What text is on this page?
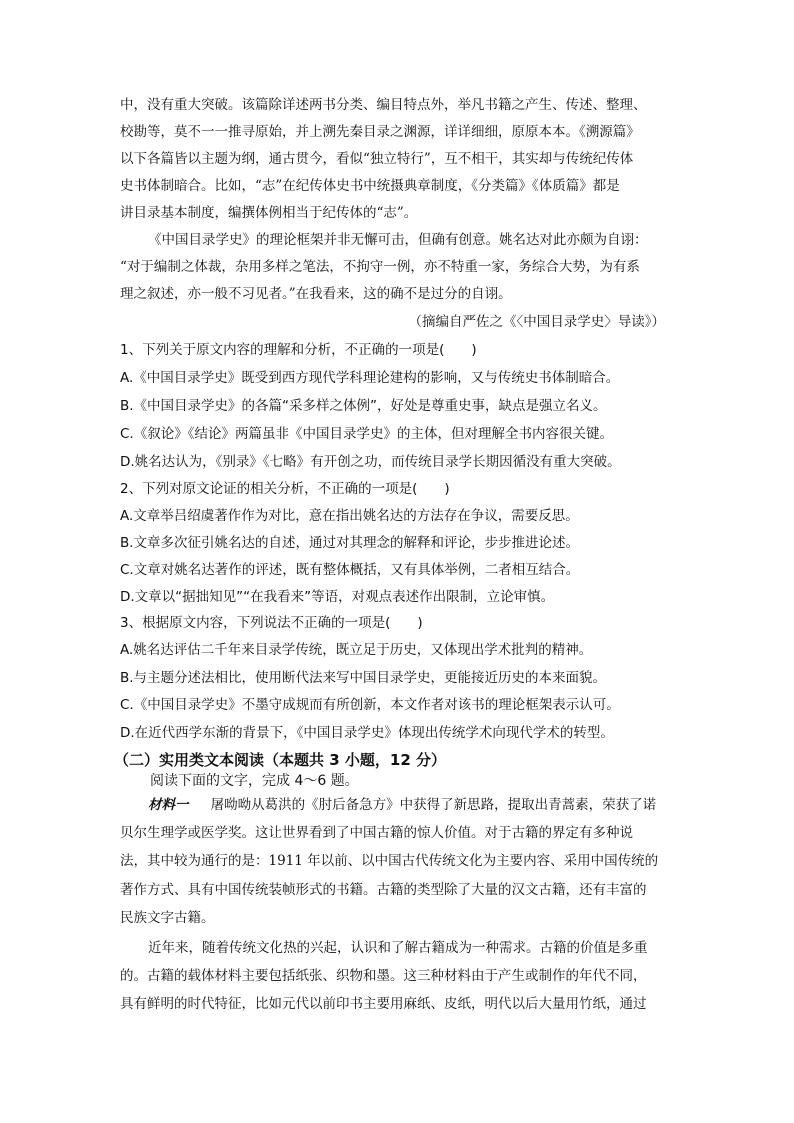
中，没有重大突破。该篇除详述两书分类、编目特点外，举凡书籍之产生、传述、整理、
校勘等，莫不一一推寻原始，并上溯先秦目录之渊源，详详细细，原原本本。《溯源篇》
以下各篇皆以主题为纲，通古贯今，看似“独立特行”，互不相干，其实却与传统纪传体
史书体制暗合。比如，“志”在纪传体史书中统摄典章制度，《分类篇》《体质篇》都是
讲目录基本制度，编撰体例相当于纪传体的“志”。
《中国目录学史》的理论框架并非无懈可击，但确有创意。姚名达对此亦颇为自诩：
“对于编制之体裁，杂用多样之笔法，不拘守一例，亦不特重一家，务综合大势，为有系
理之叙述，亦一般不习见者。”在我看来，这的确不是过分的自诩。
（摘编自严佐之《〈中国目录学史〉导读》）
1、下列关于原文内容的理解和分析，不正确的一项是(　　)
A.《中国目录学史》既受到西方现代学科理论建构的影响，又与传统史书体制暗合。
B.《中国目录学史》的各篇“采多样之体例”，好处是尊重史事，缺点是强立名义。
C.《叙论》《结论》两篇虽非《中国目录学史》的主体，但对理解全书内容很关键。
D.姚名达认为，《别录》《七略》有开创之功，而传统目录学长期因循没有重大突破。
2、下列对原文论证的相关分析，不正确的一项是(　　)
A.文章举吕绍虞著作作为对比，意在指出姚名达的方法存在争议，需要反思。
B.文章多次征引姚名达的自述，通过对其理念的解释和评论，步步推进论述。
C.文章对姚名达著作的评述，既有整体概括，又有具体举例，二者相互结合。
D.文章以“据拙知见”“在我看来”等语，对观点表述作出限制，立论审慎。
3、根据原文内容，下列说法不正确的一项是(　　)
A.姚名达评估二千年来目录学传统，既立足于历史，又体现出学术批判的精神。
B.与主题分述法相比，使用断代法来写中国目录学史，更能接近历史的本来面貌。
C.《中国目录学史》不墨守成规而有所创新，本文作者对该书的理论框架表示认可。
D.在近代西学东渐的背景下，《中国目录学史》体现出传统学术向现代学术的转型。
（二）实用类文本阅读（本题共 3 小题，12 分）
阅读下面的文字，完成 4～6 题。
材料一 　 屠呦呦从葛洪的《肘后备急方》中获得了新思路，提取出青蒿素，荣获了诺
贝尔生理学或医学奖。这让世界看到了中国古籍的惊人价值。对于古籍的界定有多种说
法，其中较为通行的是：1911 年以前、以中国古代传统文化为主要内容、采用中国传统的
著作方式、具有中国传统装帧形式的书籍。古籍的类型除了大量的汉文古籍，还有丰富的
民族文字古籍。
近年来，随着传统文化热的兴起，认识和了解古籍成为一种需求。古籍的价值是多重
的。古籍的载体材料主要包括纸张、织物和墨。这三种材料由于产生或制作的年代不同，
具有鲜明的时代特征，比如元代以前印书主要用麻纸、皮纸，明代以后大量用竹纸，通过
